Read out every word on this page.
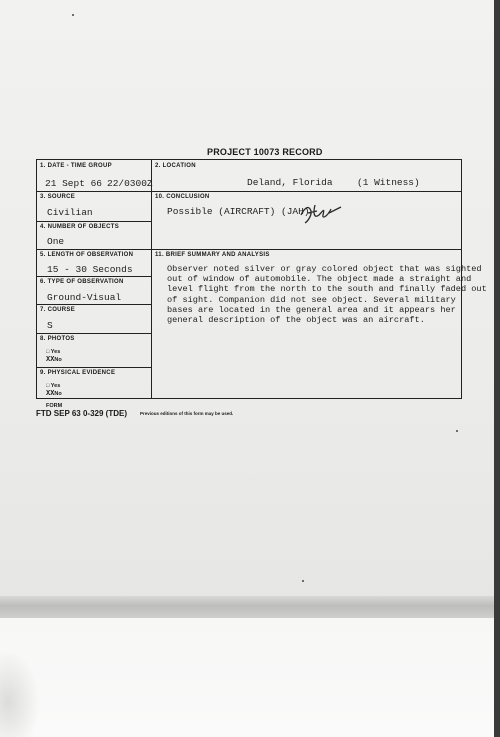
PROJECT 10073 RECORD
1. DATE - TIME GROUP
21 Sept 66 22/0300Z
2. LOCATION
Deland, Florida	(1 Witness)
3. SOURCE
Civilian
10. CONCLUSION
Possible (AIRCRAFT) (JAH)
4. NUMBER OF OBJECTS
One
5. LENGTH OF OBSERVATION
15 - 30 Seconds
11. BRIEF SUMMARY AND ANALYSIS
Observer noted silver or gray colored object that was sighted
out of window of automobile. The object made a straight and
level flight from the north to the south and finally faded out
of sight. Companion did not see object. Several military
bases are located in the general area and it appears her
general description of the object was an aircraft.
6. TYPE OF OBSERVATION
Ground-Visual
7. COURSE
S
8. PHOTOS
□ Yes
XXNo
9. PHYSICAL EVIDENCE
□ Yes
XXNo
FORM
FTD SEP 63 0-329 (TDE)	Previous editions of this form may be used.
